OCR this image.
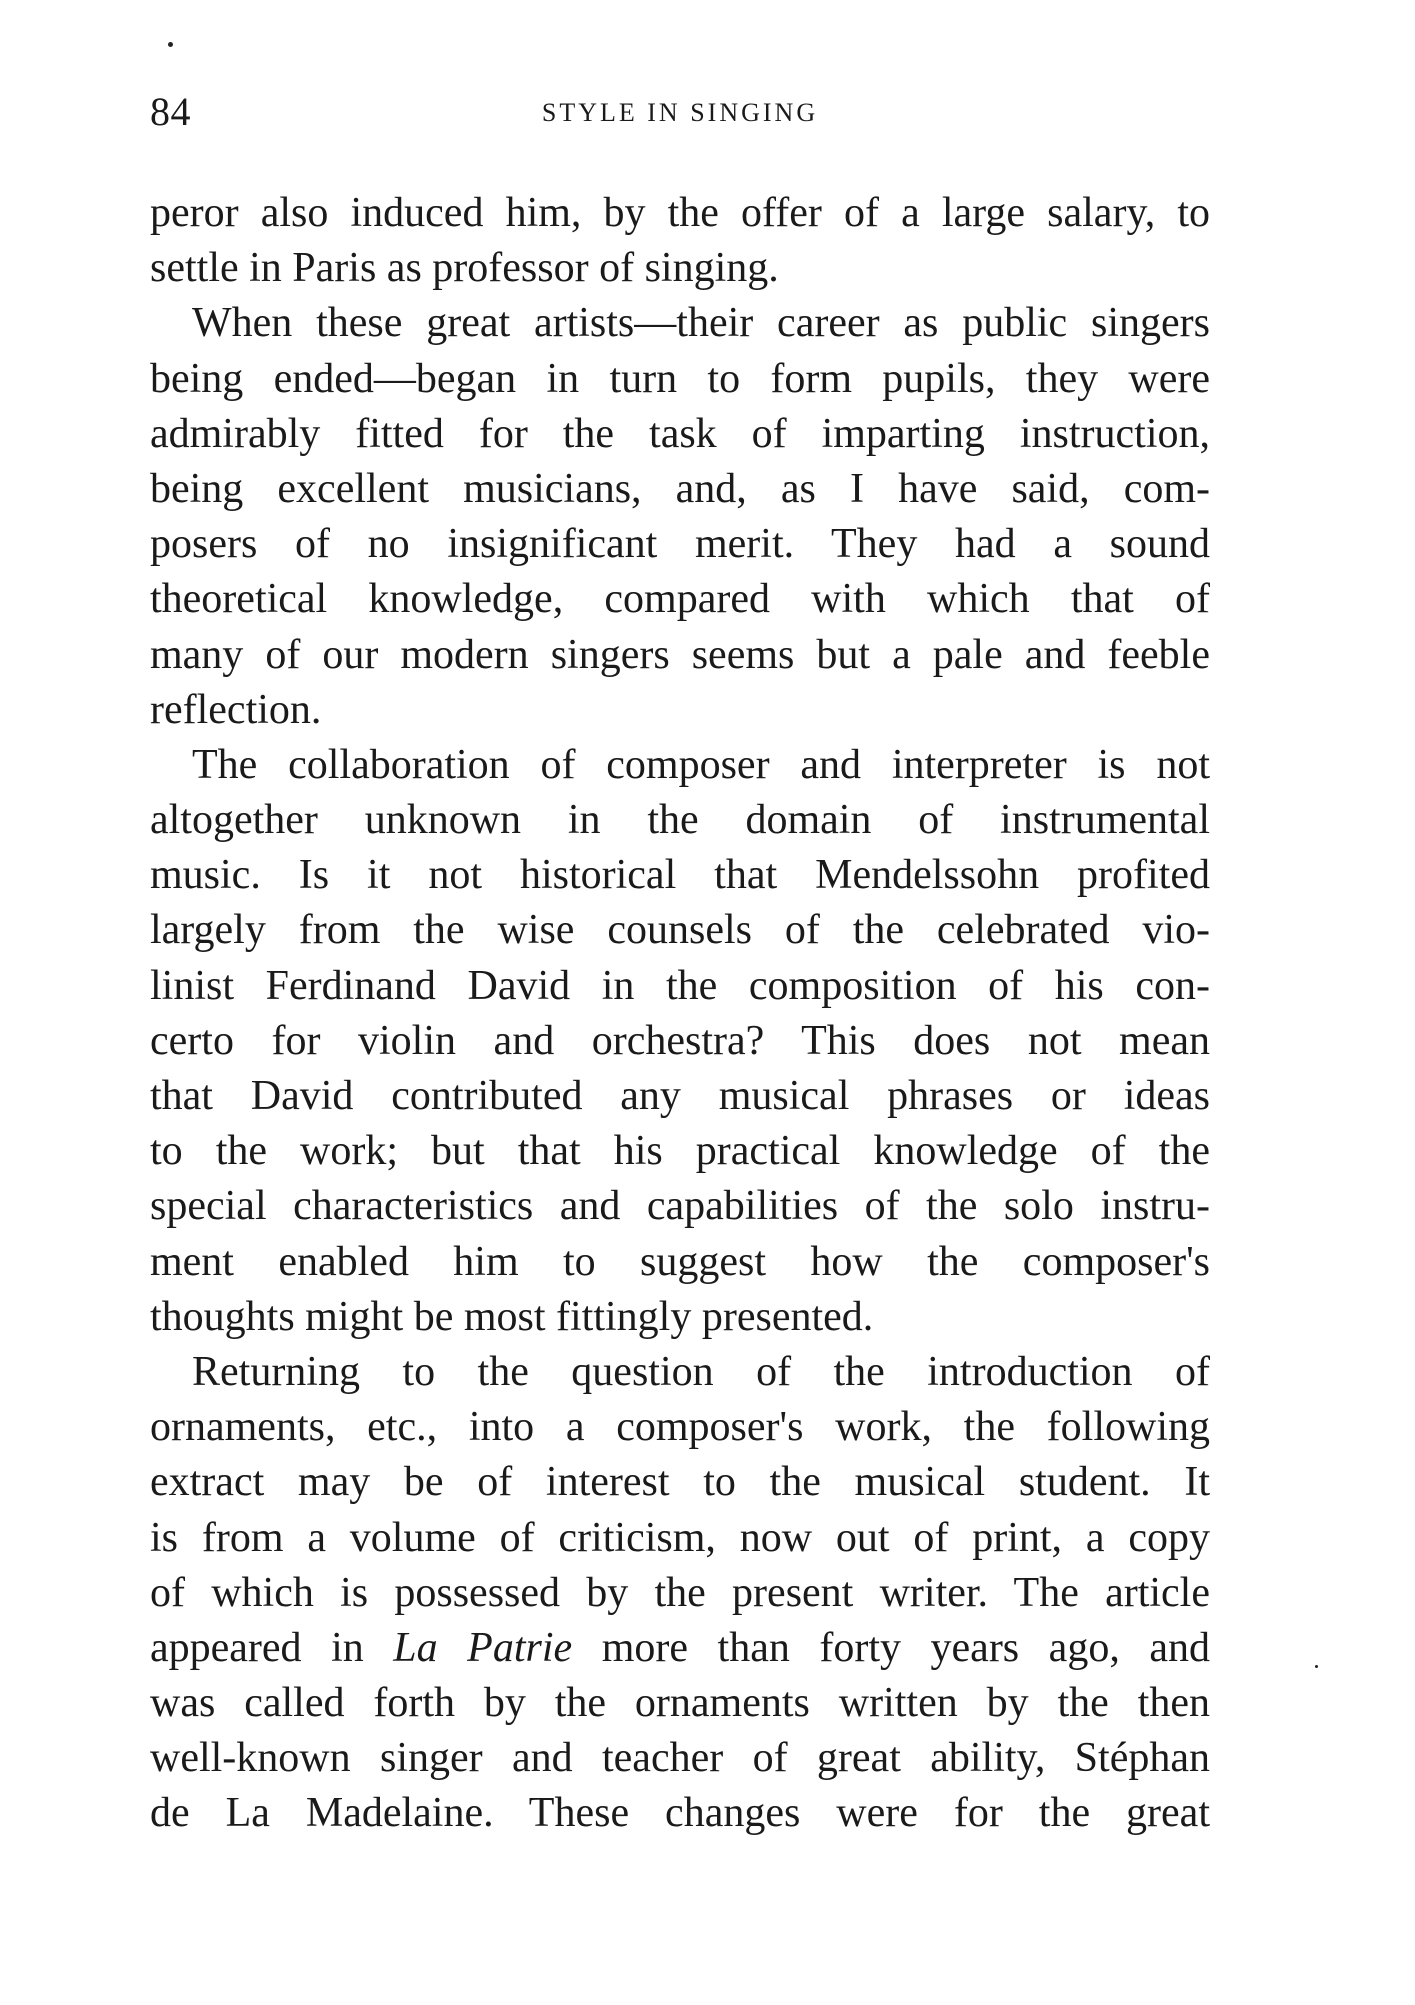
84	STYLE IN SINGING
peror also induced him, by the offer of a large salary, to
settle in Paris as professor of singing.
When these great artists—their career as public singers
being ended—began in turn to form pupils, they were
admirably fitted for the task of imparting instruction,
being excellent musicians, and, as I have said, com-
posers of no insignificant merit. They had a sound
theoretical knowledge, compared with which that of
many of our modern singers seems but a pale and feeble
reflection.
The collaboration of composer and interpreter is not
altogether unknown in the domain of instrumental
music. Is it not historical that Mendelssohn profited
largely from the wise counsels of the celebrated vio-
linist Ferdinand David in the composition of his con-
certo for violin and orchestra? This does not mean
that David contributed any musical phrases or ideas
to the work; but that his practical knowledge of the
special characteristics and capabilities of the solo instru-
ment enabled him to suggest how the composer's
thoughts might be most fittingly presented.
Returning to the question of the introduction of
ornaments, etc., into a composer's work, the following
extract may be of interest to the musical student. It
is from a volume of criticism, now out of print, a copy
of which is possessed by the present writer. The article
appeared in La Patrie more than forty years ago, and
was called forth by the ornaments written by the then
well-known singer and teacher of great ability, Stéphan
de La Madelaine. These changes were for the great
